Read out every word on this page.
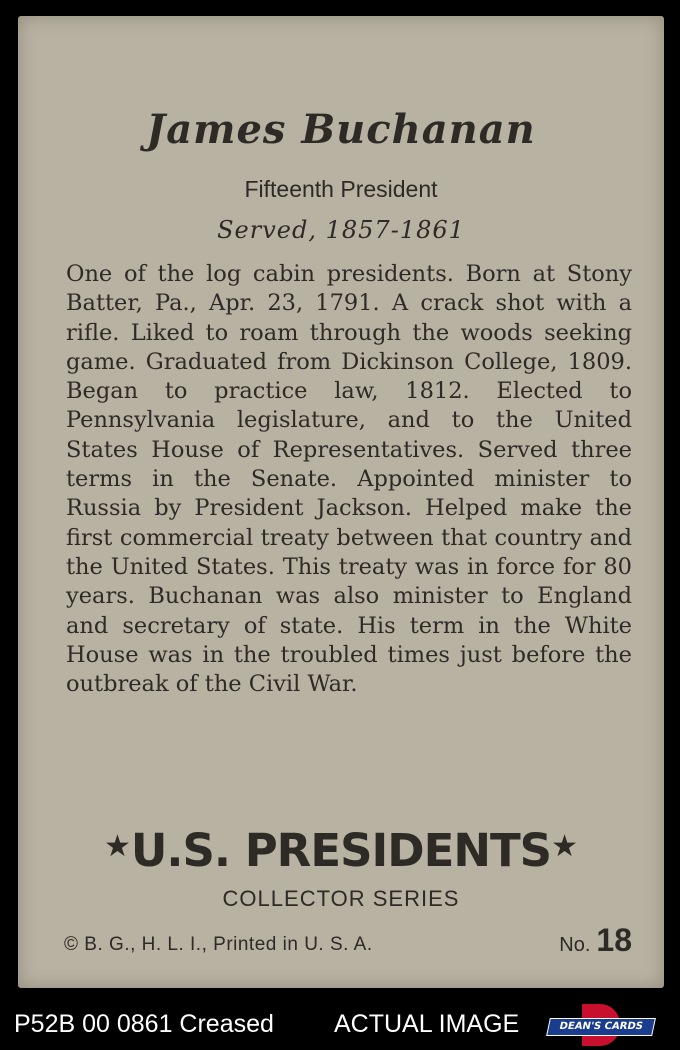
James Buchanan
Fifteenth President
Served, 1857-1861

One of the log cabin presidents. Born at Stony Batter, Pa., Apr. 23, 1791. A crack shot with a rifle. Liked to roam through the woods seeking game. Graduated from Dickinson College, 1809. Began to practice law, 1812. Elected to Pennsylvania legislature, and to the United States House of Representatives. Served three terms in the Senate. Appointed minister to Russia by President Jackson. Helped make the first commercial treaty between that country and the United States. This treaty was in force for 80 years. Buchanan was also minister to England and secretary of state. His term in the White House was in the troubled times just before the outbreak of the Civil War.

★U.S. PRESIDENTS★
COLLECTOR SERIES
© B. G., H. L. I., Printed in U. S. A.	No. 18
P52B 00 0861 Creased ACTUAL IMAGE	DEAN'S CARDS
